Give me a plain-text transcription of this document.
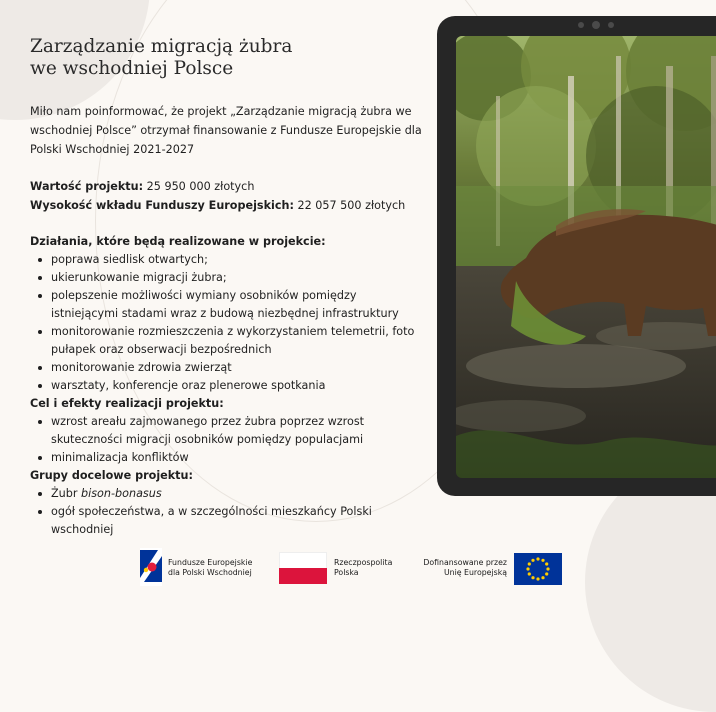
Zarządzanie migracją żubra
we wschodniej Polsce

Miło nam poinformować, że projekt „Zarządzanie migracją żubra we wschodniej Polsce” otrzymał finansowanie z Fundusze Europejskie dla Polski Wschodniej 2021-2027

Wartość projektu: 25 950 000 złotych

Wysokość wkładu Funduszy Europejskich: 22 057 500 złotych

Działania, które będą realizowane w projekcie:

poprawa siedlisk otwartych;
ukierunkowanie migracji żubra;
polepszenie możliwości wymiany osobników pomiędzy istniejącymi stadami wraz z budową niezbędnej infrastruktury
monitorowanie rozmieszczenia z wykorzystaniem telemetrii, foto pułapek oraz obserwacji bezpośrednich
monitorowanie zdrowia zwierząt
warsztaty, konferencje oraz plenerowe spotkania

Cel i efekty realizacji projektu:

wzrost areału zajmowanego przez żubra poprzez wzrost skuteczności migracji osobników pomiędzy populacjami
minimalizacja konfliktów

Grupy docelowe projektu:

Żubr bison-bonasus
ogół społeczeństwa, a w szczególności mieszkańcy Polski wschodniej
Fundusze Europejskie
dla Polski Wschodniej
Rzeczpospolita
Polska
Dofinansowane przez
Unię Europejską
